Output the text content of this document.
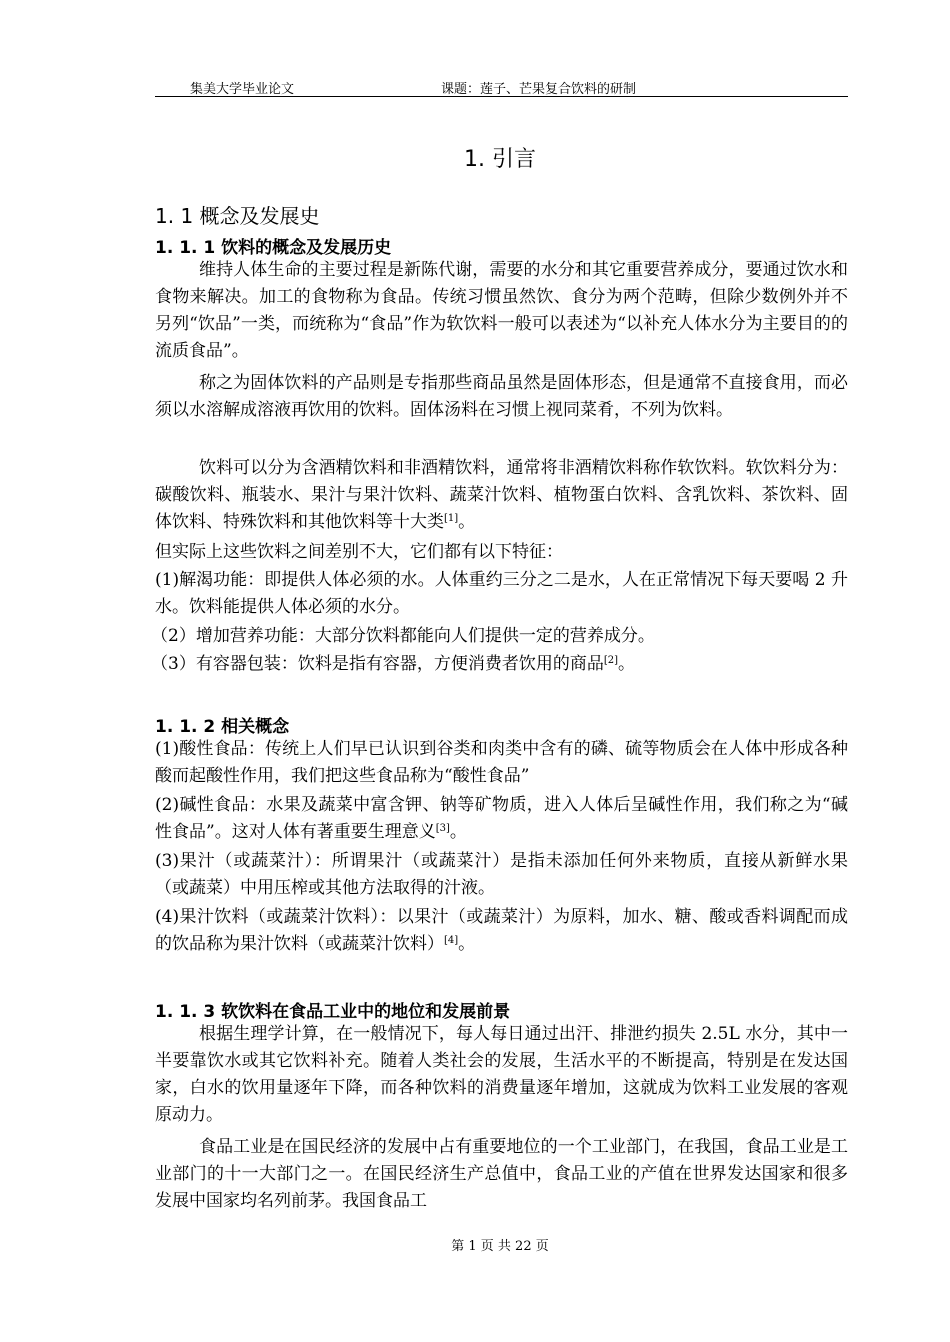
集美大学毕业论文	课题：莲子、芒果复合饮料的研制
1. 引言
1. 1 概念及发展史
1. 1. 1 饮料的概念及发展历史
维持人体生命的主要过程是新陈代谢，需要的水分和其它重要营养成分，要通过饮水和食物来解决。加工的食物称为食品。传统习惯虽然饮、食分为两个范畴，但除少数例外并不另列“饮品”一类，而统称为“食品”作为软饮料一般可以表述为“以补充人体水分为主要目的的流质食品”。
称之为固体饮料的产品则是专指那些商品虽然是固体形态，但是通常不直接食用，而必须以水溶解成溶液再饮用的饮料。固体汤料在习惯上视同菜肴，不列为饮料。
饮料可以分为含酒精饮料和非酒精饮料，通常将非酒精饮料称作软饮料。软饮料分为：碳酸饮料、瓶装水、果汁与果汁饮料、蔬菜汁饮料、植物蛋白饮料、含乳饮料、茶饮料、固体饮料、特殊饮料和其他饮料等十大类[1]。
但实际上这些饮料之间差别不大，它们都有以下特征：
(1)解渴功能：即提供人体必须的水。人体重约三分之二是水，人在正常情况下每天要喝 2 升水。饮料能提供人体必须的水分。
（2）增加营养功能：大部分饮料都能向人们提供一定的营养成分。
（3）有容器包装：饮料是指有容器，方便消费者饮用的商品[2]。
1. 1. 2 相关概念
(1)酸性食品：传统上人们早已认识到谷类和肉类中含有的磷、硫等物质会在人体中形成各种酸而起酸性作用，我们把这些食品称为“酸性食品”
(2)碱性食品：水果及蔬菜中富含钾、钠等矿物质，进入人体后呈碱性作用，我们称之为“碱性食品”。这对人体有著重要生理意义[3]。
(3)果汁（或蔬菜汁）：所谓果汁（或蔬菜汁）是指未添加任何外来物质，直接从新鲜水果（或蔬菜）中用压榨或其他方法取得的汁液。
(4)果汁饮料（或蔬菜汁饮料）：以果汁（或蔬菜汁）为原料，加水、糖、酸或香料调配而成的饮品称为果汁饮料（或蔬菜汁饮料）[4]。
1. 1. 3 软饮料在食品工业中的地位和发展前景
根据生理学计算，在一般情况下，每人每日通过出汗、排泄约损失 2.5L 水分，其中一半要靠饮水或其它饮料补充。随着人类社会的发展，生活水平的不断提高，特别是在发达国家，白水的饮用量逐年下降，而各种饮料的消费量逐年增加，这就成为饮料工业发展的客观原动力。
食品工业是在国民经济的发展中占有重要地位的一个工业部门，在我国，食品工业是工业部门的十一大部门之一。在国民经济生产总值中，食品工业的产值在世界发达国家和很多发展中国家均名列前茅。我国食品工
第 1 页 共 22 页
